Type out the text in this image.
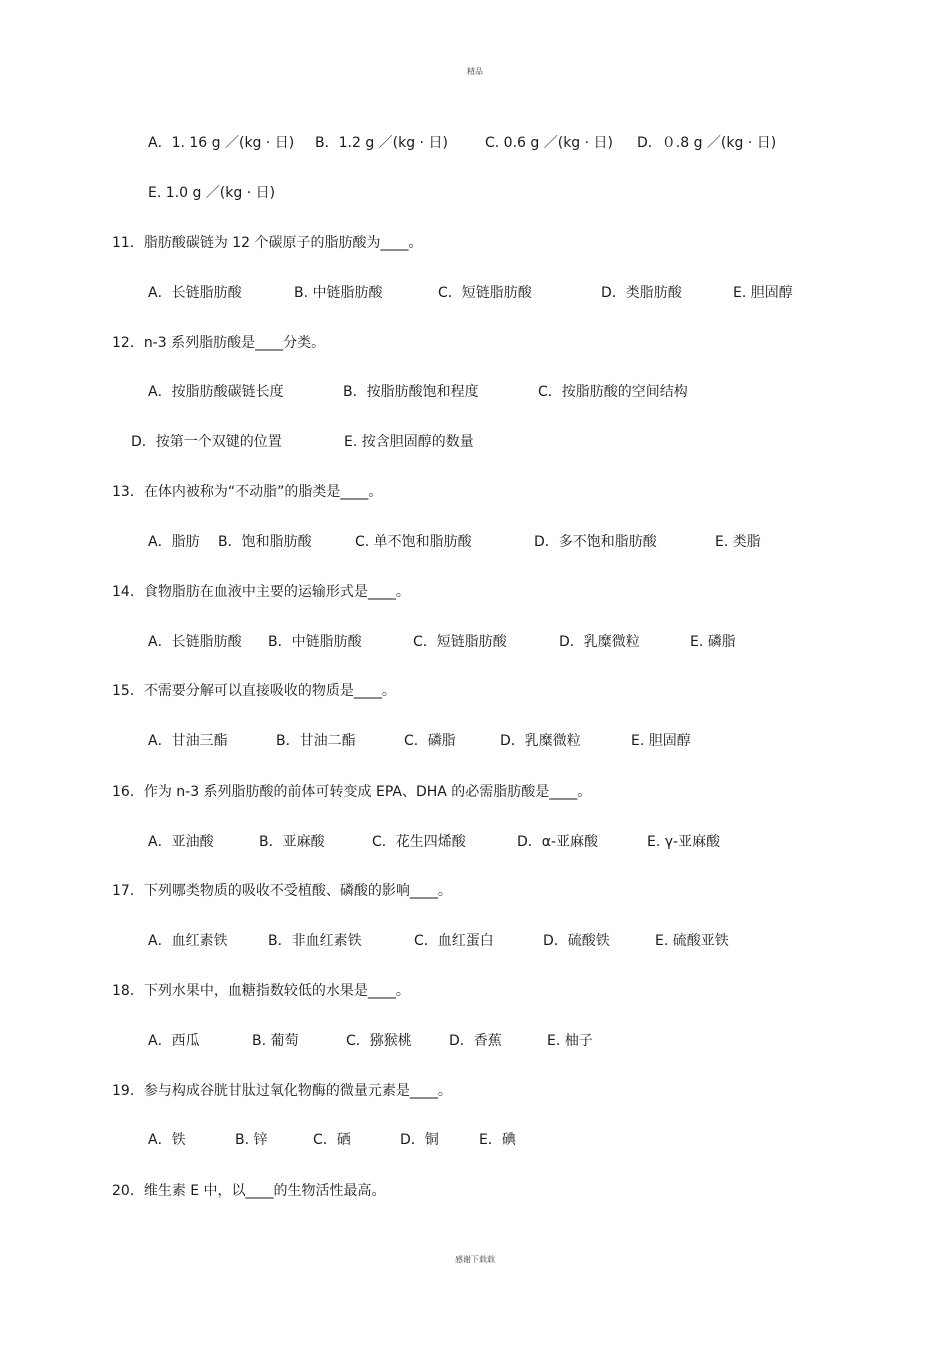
精品
A．1. 16 g ／(kg · 日) B．1.2 g ／(kg · 日)	C. 0.6 g ／(kg · 日) D．０.8 g ／(kg · 日)
E. 1.0 g ／(kg · 日)
11．脂肪酸碳链为 12 个碳原子的脂肪酸为____。
A．长链脂肪酸	B. 中链脂肪酸	C．短链脂肪酸	D．类脂肪酸	E. 胆固醇
12．n-3 系列脂肪酸是____分类。
A．按脂肪酸碳链长度	B．按脂肪酸饱和程度	C．按脂肪酸的空间结构
D．按第一个双键的位置	E. 按含胆固醇的数量
13．在体内被称为“不动脂”的脂类是____。
A．脂肪 B．饱和脂肪酸	C. 单不饱和脂肪酸	D．多不饱和脂肪酸	E. 类脂
14．食物脂肪在血液中主要的运输形式是____。
A．长链脂肪酸 B．中链脂肪酸	C．短链脂肪酸	D．乳糜微粒	E. 磷脂
15．不需要分解可以直接吸收的物质是____。
A．甘油三酯	B．甘油二酯	C．磷脂	D．乳糜微粒	E. 胆固醇
16．作为 n-3 系列脂肪酸的前体可转变成 EPA、DHA 的必需脂肪酸是____。
A．亚油酸	B．亚麻酸	C．花生四烯酸	D．α-亚麻酸	E. γ-亚麻酸
17．下列哪类物质的吸收不受植酸、磷酸的影响____。
A．血红素铁	B．非血红素铁	C．血红蛋白	D．硫酸铁	E. 硫酸亚铁
18．下列水果中，血糖指数较低的水果是____。
A．西瓜	B. 葡萄	C．猕猴桃	D．香蕉	E. 柚子
19．参与构成谷胱甘肽过氧化物酶的微量元素是____。
A．铁	B. 锌	C．硒	D．铜	E．碘
20．维生素 E 中，以____的生物活性最高。
感谢下载载
